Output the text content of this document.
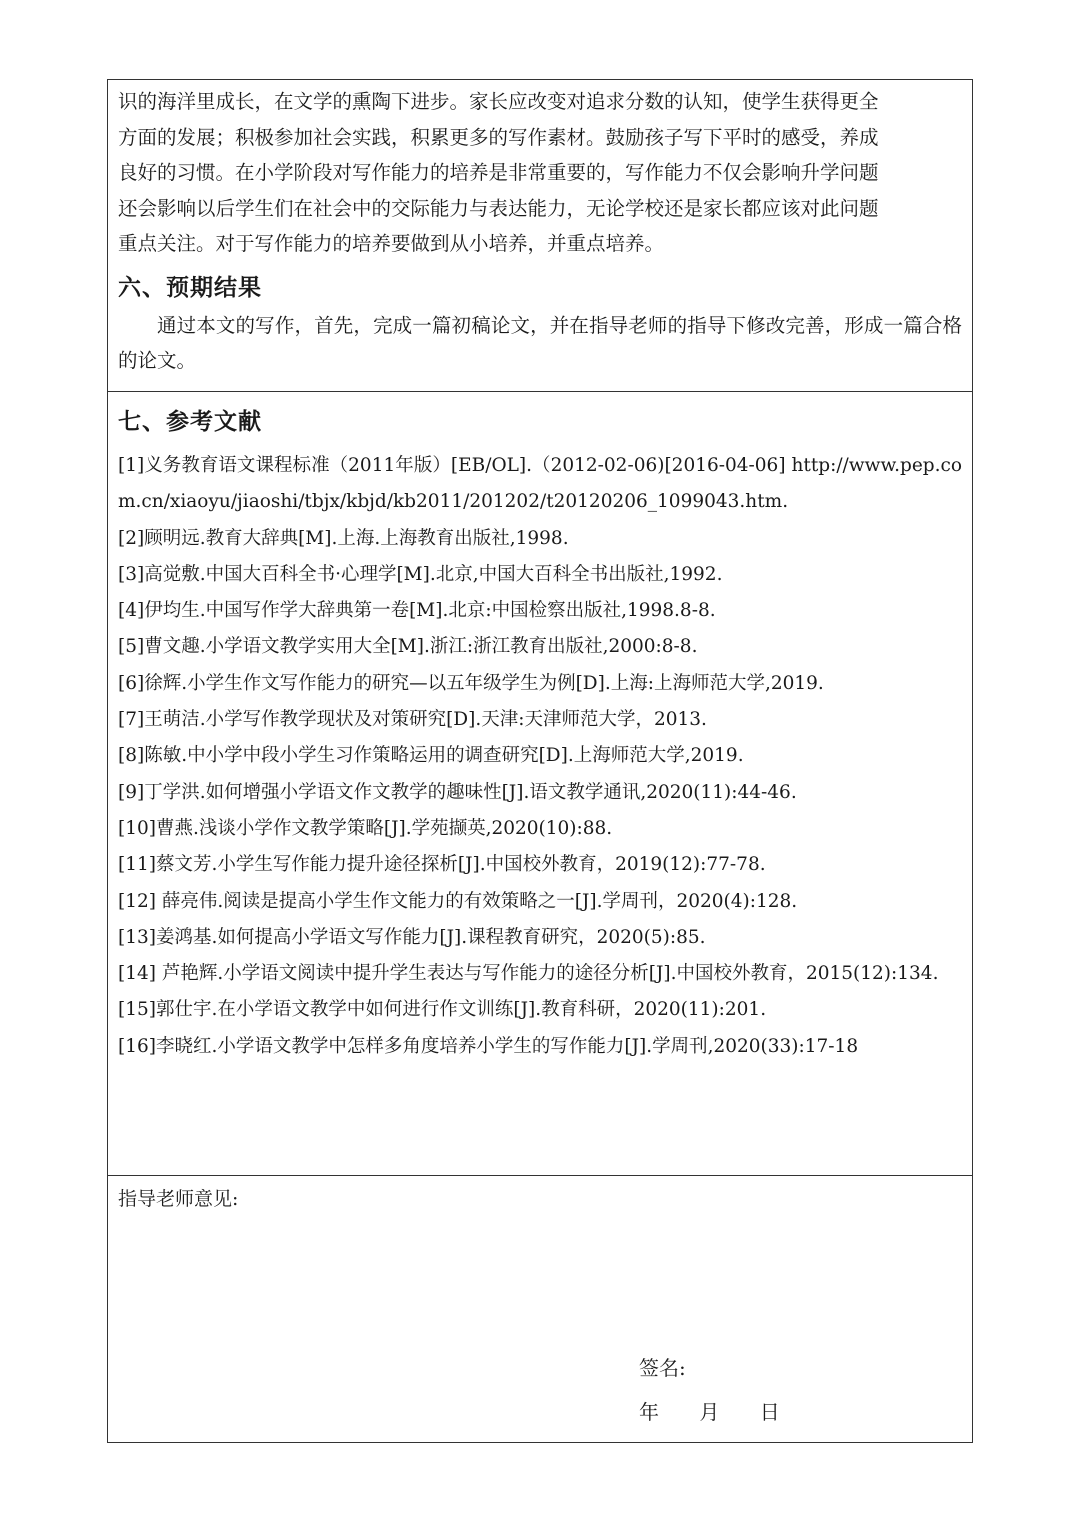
识的海洋里成长，在文学的熏陶下进步。家长应改变对追求分数的认知，使学生获得更全

方面的发展；积极参加社会实践，积累更多的写作素材。鼓励孩子写下平时的感受，养成

良好的习惯。在小学阶段对写作能力的培养是非常重要的，写作能力不仅会影响升学问题

还会影响以后学生们在社会中的交际能力与表达能力，无论学校还是家长都应该对此问题

重点关注。对于写作能力的培养要做到从小培养，并重点培养。

六、预期结果

通过本文的写作，首先，完成一篇初稿论文，并在指导老师的指导下修改完善，形成一篇合格的论文。

七、参考文献
[1]义务教育语文课程标准（2011年版）[EB/OL].（2012-02-06)[2016-04-06] http://www.pep.com.cn/xiaoyu/jiaoshi/tbjx/kbjd/kb2011/201202/t20120206_1099043.htm.
[2]顾明远.教育大辞典[M].上海.上海教育出版社,1998.
[3]高觉敷.中国大百科全书·心理学[M].北京,中国大百科全书出版社,1992.
[4]伊均生.中国写作学大辞典第一卷[M].北京:中国检察出版社,1998.8-8.
[5]曹文趣.小学语文教学实用大全[M].浙江:浙江教育出版社,2000:8-8.
[6]徐辉.小学生作文写作能力的研究—以五年级学生为例[D].上海:上海师范大学,2019.
[7]王萌洁.小学写作教学现状及对策研究[D].天津:天津师范大学，2013.
[8]陈敏.中小学中段小学生习作策略运用的调查研究[D].上海师范大学,2019.
[9]丁学洪.如何增强小学语文作文教学的趣味性[J].语文教学通讯,2020(11):44-46.
[10]曹燕.浅谈小学作文教学策略[J].学苑撷英,2020(10):88.
[11]蔡文芳.小学生写作能力提升途径探析[J].中国校外教育，2019(12):77-78.
[12] 薛亮伟.阅读是提高小学生作文能力的有效策略之一[J].学周刊，2020(4):128.
[13]姜鸿基.如何提高小学语文写作能力[J].课程教育研究，2020(5):85.
[14] 芦艳辉.小学语文阅读中提升学生表达与写作能力的途径分析[J].中国校外教育，2015(12):134.
[15]郭仕宇.在小学语文教学中如何进行作文训练[J].教育科研，2020(11):201.
[16]李晓红.小学语文教学中怎样多角度培养小学生的写作能力[J].学周刊,2020(33):17-18
指导老师意见:
签名:
年 月 日
